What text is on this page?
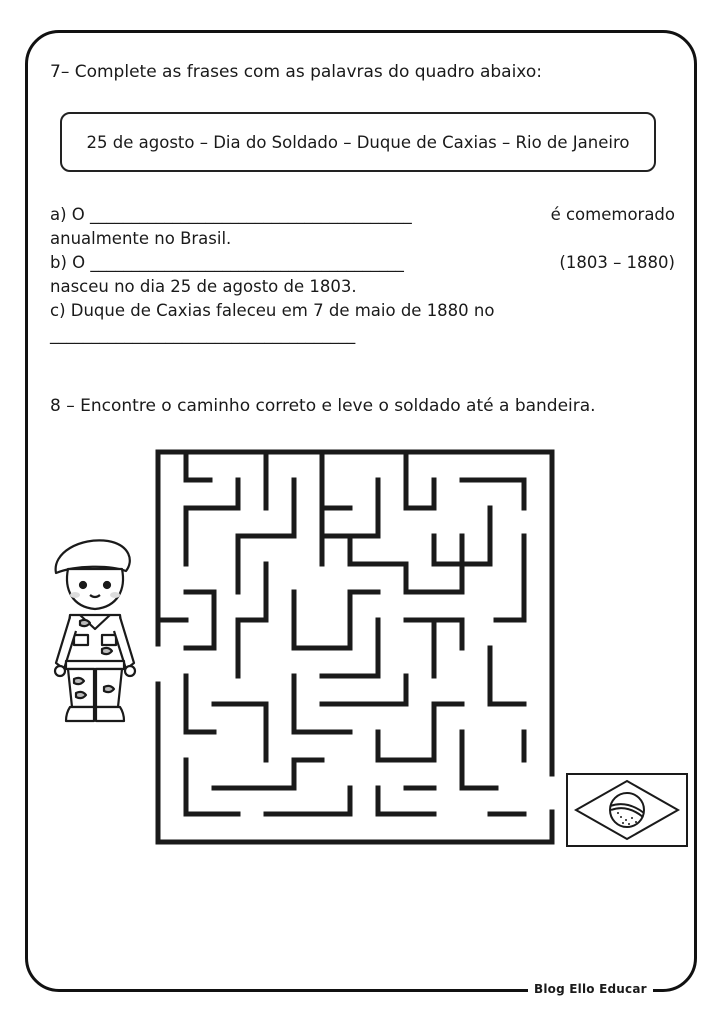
7– Complete as frases com as palavras do quadro abaixo:
25 de agosto – Dia do Soldado – Duque de Caxias – Rio de Janeiro
a) O _______________________________________	é comemorado
anualmente no Brasil.
b) O ______________________________________	(1803 – 1880)
nasceu no dia 25 de agosto de 1803.
c) Duque de Caxias faleceu em 7 de maio de 1880 no
_____________________________________
8 – Encontre o caminho correto e leve o soldado até a bandeira.
Blog Ello Educar
